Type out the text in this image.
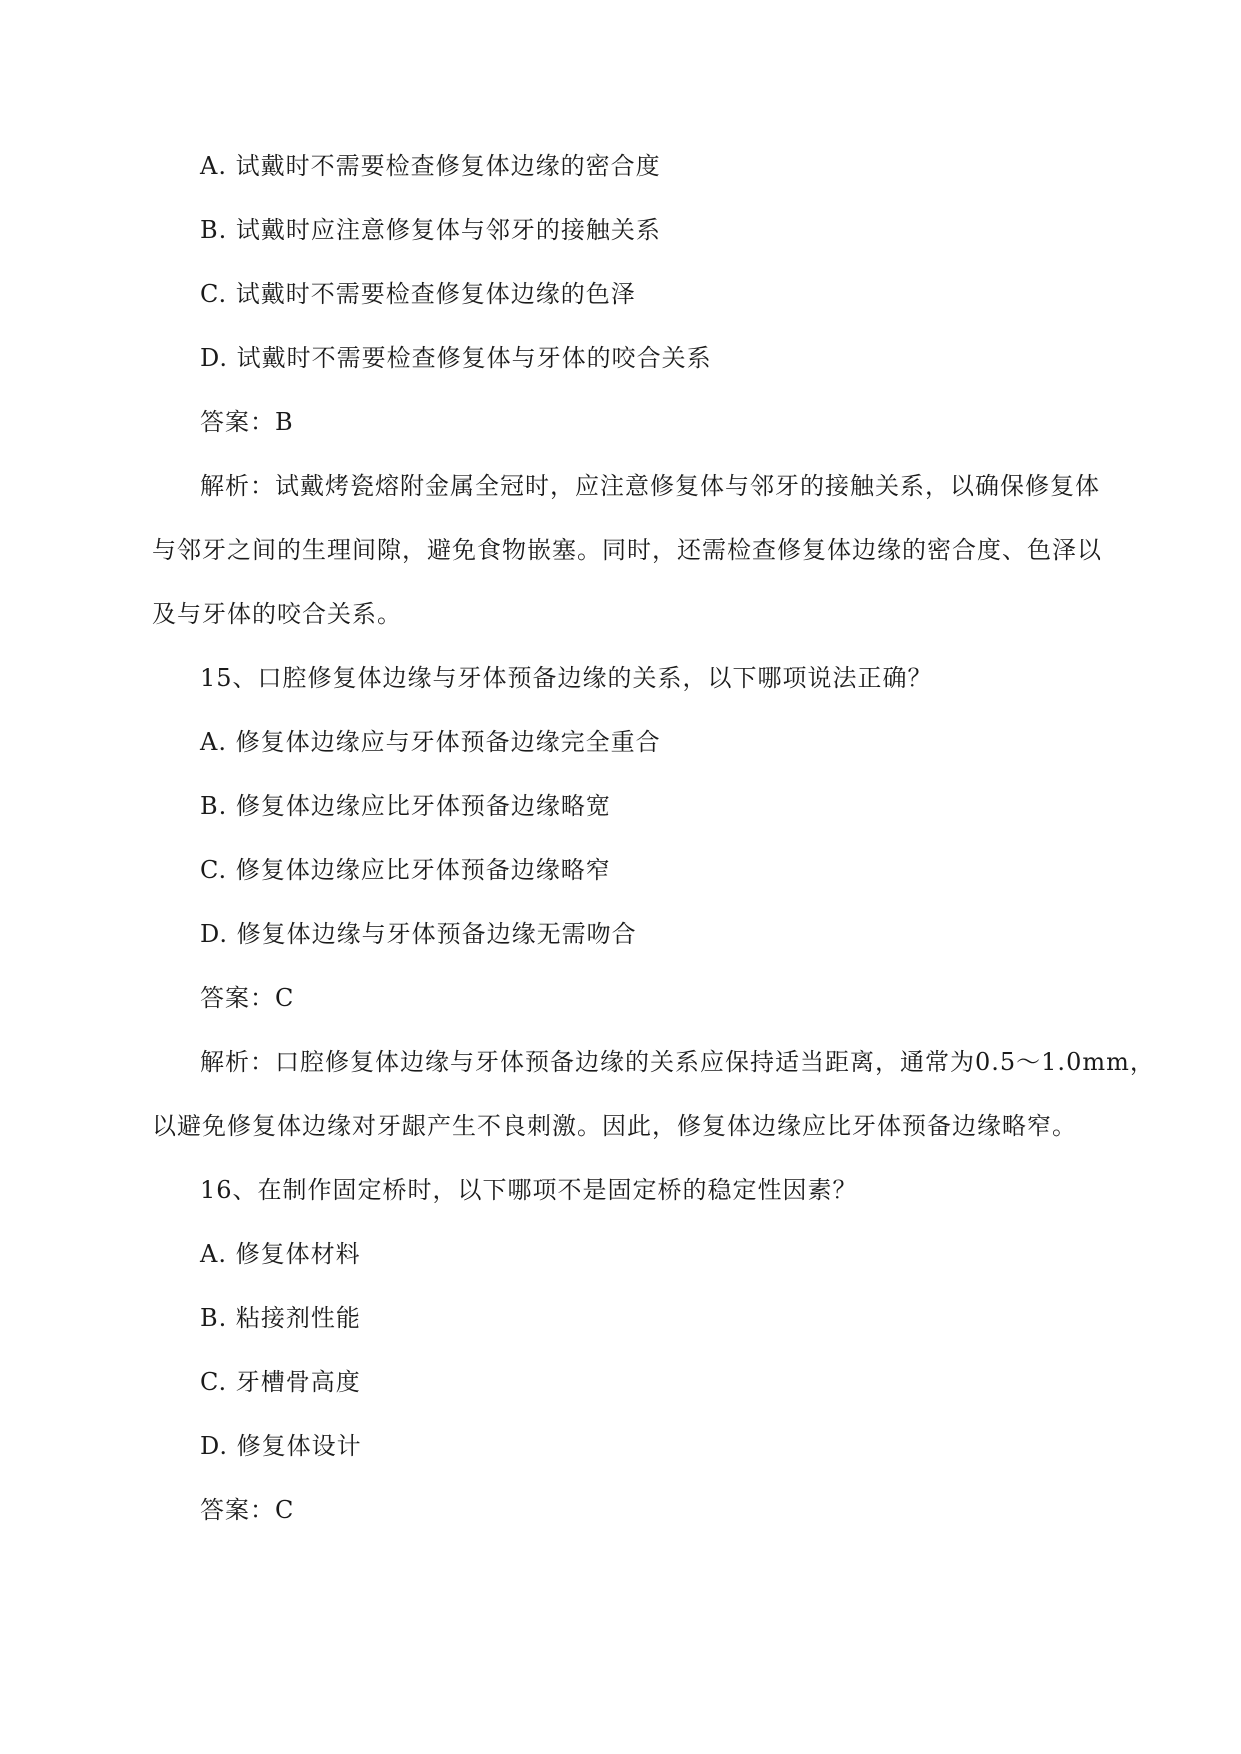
A. 试戴时不需要检查修复体边缘的密合度
B. 试戴时应注意修复体与邻牙的接触关系
C. 试戴时不需要检查修复体边缘的色泽
D. 试戴时不需要检查修复体与牙体的咬合关系
答案：B
解析：试戴烤瓷熔附金属全冠时，应注意修复体与邻牙的接触关系，以确保修复体
与邻牙之间的生理间隙，避免食物嵌塞。同时，还需检查修复体边缘的密合度、色泽以
及与牙体的咬合关系。
15、口腔修复体边缘与牙体预备边缘的关系，以下哪项说法正确？
A. 修复体边缘应与牙体预备边缘完全重合
B. 修复体边缘应比牙体预备边缘略宽
C. 修复体边缘应比牙体预备边缘略窄
D. 修复体边缘与牙体预备边缘无需吻合
答案：C
解析：口腔修复体边缘与牙体预备边缘的关系应保持适当距离，通常为0.5～1.0mm，
以避免修复体边缘对牙龈产生不良刺激。因此，修复体边缘应比牙体预备边缘略窄。
16、在制作固定桥时，以下哪项不是固定桥的稳定性因素？
A. 修复体材料
B. 粘接剂性能
C. 牙槽骨高度
D. 修复体设计
答案：C
